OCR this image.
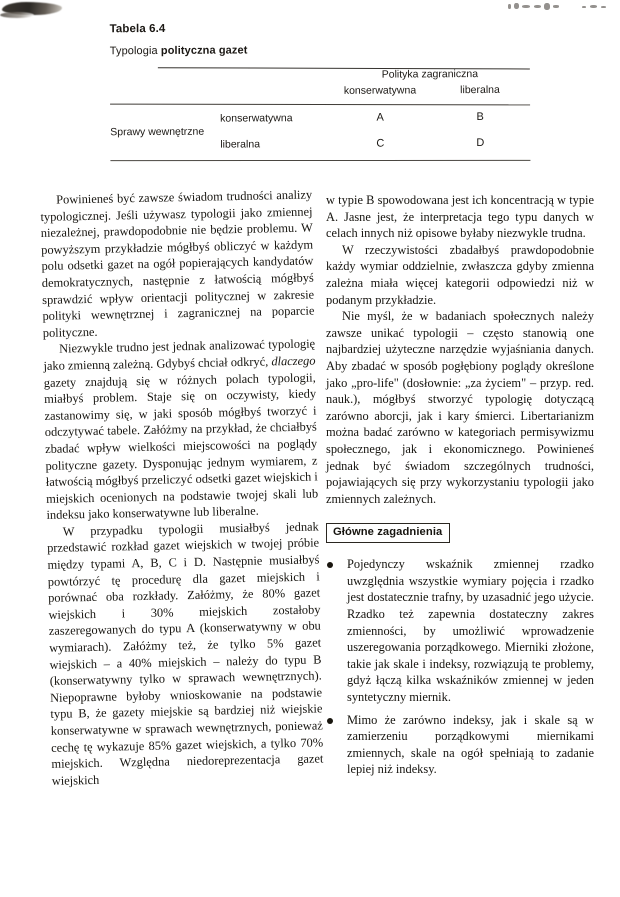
Tabela 6.4
Typologia polityczna gazet
		Polityka zagraniczna	
		konserwatywna	liberalna
Sprawy wewnętrzne	konserwatywna	A	B
	liberalna	C	D

Powinieneś być zawsze świadom trudności analizy typologicznej. Jeśli używasz typologii jako zmiennej niezależnej, prawdopodobnie nie będzie problemu. W powyższym przykładzie mógłbyś obliczyć w każdym polu odsetki gazet na ogół popierających kandydatów demokratycznych, następnie z łatwością mógłbyś sprawdzić wpływ orientacji politycznej w zakresie polityki wewnętrznej i zagranicznej na poparcie polityczne.

Niezwykle trudno jest jednak analizować typologię jako zmienną zależną. Gdybyś chciał odkryć, dlaczego gazety znajdują się w różnych polach typologii, miałbyś problem. Staje się on oczywisty, kiedy zastanowimy się, w jaki sposób mógłbyś tworzyć i odczytywać tabele. Załóżmy na przykład, że chciałbyś zbadać wpływ wielkości miejscowości na poglądy polityczne gazety. Dysponując jednym wymiarem, z łatwością mógłbyś przeliczyć odsetki gazet wiejskich i miejskich ocenionych na podstawie twojej skali lub indeksu jako konserwatywne lub liberalne.

W przypadku typologii musiałbyś jednak przedstawić rozkład gazet wiejskich w twojej próbie między typami A, B, C i D. Następnie musiałbyś powtórzyć tę procedurę dla gazet miejskich i porównać oba rozkłady. Załóżmy, że 80% gazet wiejskich i 30% miejskich zostałoby zaszeregowanych do typu A (konserwatywny w obu wymiarach). Załóżmy też, że tylko 5% gazet wiejskich – a 40% miejskich – należy do typu B (konserwatywny tylko w sprawach wewnętrznych). Niepoprawne byłoby wnioskowanie na podstawie typu B, że gazety miejskie są bardziej niż wiejskie konserwatywne w sprawach wewnętrznych, ponieważ cechę tę wykazuje 85% gazet wiejskich, a tylko 70% miejskich. Względna niedoreprezentacja gazet wiejskich

w typie B spowodowana jest ich koncentracją w typie A. Jasne jest, że interpretacja tego typu danych w celach innych niż opisowe byłaby niezwykle trudna.

W rzeczywistości zbadałbyś prawdopodobnie każdy wymiar oddzielnie, zwłaszcza gdyby zmienna zależna miała więcej kategorii odpowiedzi niż w podanym przykładzie.

Nie myśl, że w badaniach społecznych należy zawsze unikać typologii – często stanowią one najbardziej użyteczne narzędzie wyjaśniania danych. Aby zbadać w sposób pogłębiony poglądy określone jako „pro-life" (dosłownie: „za życiem" – przyp. red. nauk.), mógłbyś stworzyć typologię dotyczącą zarówno aborcji, jak i kary śmierci. Libertarianizm można badać zarówno w kategoriach permisywizmu społecznego, jak i ekonomicznego. Powinieneś jednak być świadom szczególnych trudności, pojawiających się przy wykorzystaniu typologii jako zmiennych zależnych.

Główne zagadnienia
Pojedynczy wskaźnik zmiennej rzadko uwzględnia wszystkie wymiary pojęcia i rzadko jest dostatecznie trafny, by uzasadnić jego użycie. Rzadko też zapewnia dostateczny zakres zmienności, by umożliwić wprowadzenie uszeregowania porządkowego. Mierniki złożone, takie jak skale i indeksy, rozwiązują te problemy, gdyż łączą kilka wskaźników zmiennej w jeden syntetyczny miernik.
Mimo że zarówno indeksy, jak i skale są w zamierzeniu porządkowymi miernikami zmiennych, skale na ogół spełniają to zadanie lepiej niż indeksy.
